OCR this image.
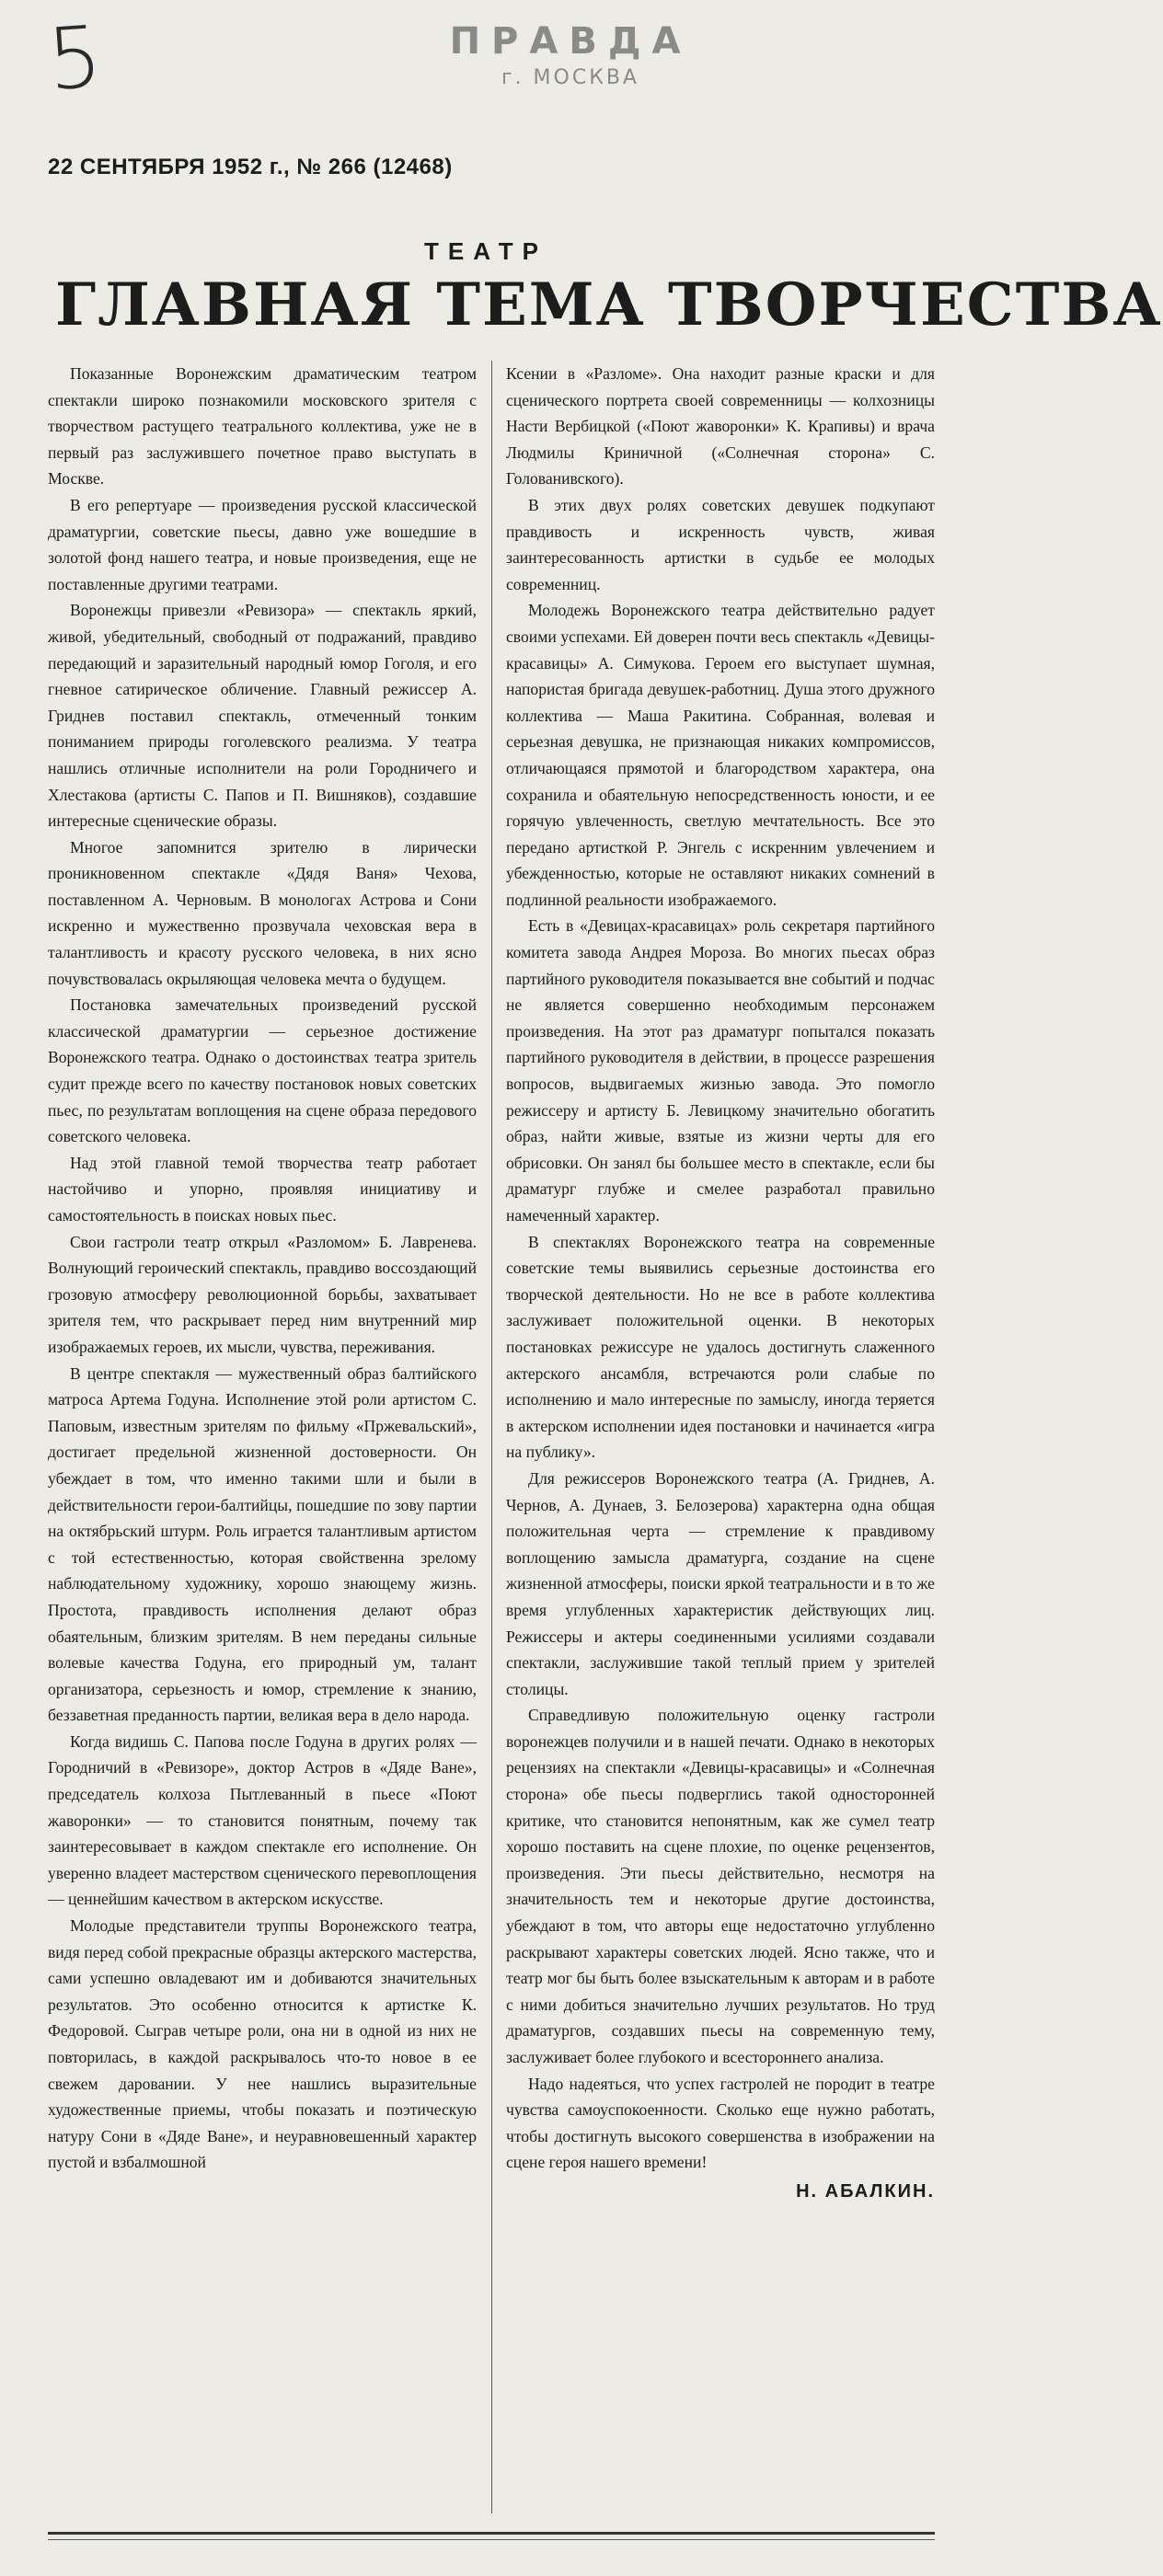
5	ПРАВДА
г. МОСКВА
22 СЕНТЯБРЯ 1952 г., № 266 (12468)
ТЕАТР
ГЛАВНАЯ ТЕМА ТВОРЧЕСТВА

Показанные Воронежским драматическим театром спектакли широко познакомили московского зрителя с творчеством растущего театрального коллектива, уже не в первый раз заслужившего почетное право выступать в Москве.

В его репертуаре — произведения русской классической драматургии, советские пьесы, давно уже вошедшие в золотой фонд нашего театра, и новые произведения, еще не поставленные другими театрами.

Воронежцы привезли «Ревизора» — спектакль яркий, живой, убедительный, свободный от подражаний, правдиво передающий и заразительный народный юмор Гоголя, и его гневное сатирическое обличение. Главный режиссер А. Гриднев поставил спектакль, отмеченный тонким пониманием природы гоголевского реализма. У театра нашлись отличные исполнители на роли Городничего и Хлестакова (артисты С. Папов и П. Вишняков), создавшие интересные сценические образы.

Многое запомнится зрителю в лирически проникновенном спектакле «Дядя Ваня» Чехова, поставленном А. Черновым. В монологах Астрова и Сони искренно и мужественно прозвучала чеховская вера в талантливость и красоту русского человека, в них ясно почувствовалась окрыляющая человека мечта о будущем.

Постановка замечательных произведений русской классической драматургии — серьезное достижение Воронежского театра. Однако о достоинствах театра зритель судит прежде всего по качеству постановок новых советских пьес, по результатам воплощения на сцене образа передового советского человека.

Над этой главной темой творчества театр работает настойчиво и упорно, проявляя инициативу и самостоятельность в поисках новых пьес.

Свои гастроли театр открыл «Разломом» Б. Лавренева. Волнующий героический спектакль, правдиво воссоздающий грозовую атмосферу революционной борьбы, захватывает зрителя тем, что раскрывает перед ним внутренний мир изображаемых героев, их мысли, чувства, переживания.

В центре спектакля — мужественный образ балтийского матроса Артема Годуна. Исполнение этой роли артистом С. Паповым, известным зрителям по фильму «Пржевальский», достигает предельной жизненной достоверности. Он убеждает в том, что именно такими шли и были в действительности герои-балтийцы, пошедшие по зову партии на октябрьский штурм. Роль играется талантливым артистом с той естественностью, которая свойственна зрелому наблюдательному художнику, хорошо знающему жизнь. Простота, правдивость исполнения делают образ обаятельным, близким зрителям. В нем переданы сильные волевые качества Годуна, его природный ум, талант организатора, серьезность и юмор, стремление к знанию, беззаветная преданность партии, великая вера в дело народа.

Когда видишь С. Папова после Годуна в других ролях — Городничий в «Ревизоре», доктор Астров в «Дяде Ване», председатель колхоза Пытлеванный в пьесе «Поют жаворонки» — то становится понятным, почему так заинтересовывает в каждом спектакле его исполнение. Он уверенно владеет мастерством сценического перевоплощения — ценнейшим качеством в актерском искусстве.

Молодые представители труппы Воронежского театра, видя перед собой прекрасные образцы актерского мастерства, сами успешно овладевают им и добиваются значительных результатов. Это особенно относится к артистке К. Федоровой. Сыграв четыре роли, она ни в одной из них не повторилась, в каждой раскрывалось что-то новое в ее свежем даровании. У нее нашлись выразительные художественные приемы, чтобы показать и поэтическую натуру Сони в «Дяде Ване», и неуравновешенный характер пустой и взбалмошной

Ксении в «Разломе». Она находит разные краски и для сценического портрета своей современницы — колхозницы Насти Вербицкой («Поют жаворонки» К. Крапивы) и врача Людмилы Криничной («Солнечная сторона» С. Голованивского).

В этих двух ролях советских девушек подкупают правдивость и искренность чувств, живая заинтересованность артистки в судьбе ее молодых современниц.

Молодежь Воронежского театра действительно радует своими успехами. Ей доверен почти весь спектакль «Девицы-красавицы» А. Симукова. Героем его выступает шумная, напористая бригада девушек-работниц. Душа этого дружного коллектива — Маша Ракитина. Собранная, волевая и серьезная девушка, не признающая никаких компромиссов, отличающаяся прямотой и благородством характера, она сохранила и обаятельную непосредственность юности, и ее горячую увлеченность, светлую мечтательность. Все это передано артисткой Р. Энгель с искренним увлечением и убежденностью, которые не оставляют никаких сомнений в подлинной реальности изображаемого.

Есть в «Девицах-красавицах» роль секретаря партийного комитета завода Андрея Мороза. Во многих пьесах образ партийного руководителя показывается вне событий и подчас не является совершенно необходимым персонажем произведения. На этот раз драматург попытался показать партийного руководителя в действии, в процессе разрешения вопросов, выдвигаемых жизнью завода. Это помогло режиссеру и артисту Б. Левицкому значительно обогатить образ, найти живые, взятые из жизни черты для его обрисовки. Он занял бы большее место в спектакле, если бы драматург глубже и смелее разработал правильно намеченный характер.

В спектаклях Воронежского театра на современные советские темы выявились серьезные достоинства его творческой деятельности. Но не все в работе коллектива заслуживает положительной оценки. В некоторых постановках режиссуре не удалось достигнуть слаженного актерского ансамбля, встречаются роли слабые по исполнению и мало интересные по замыслу, иногда теряется в актерском исполнении идея постановки и начинается «игра на публику».

Для режиссеров Воронежского театра (А. Гриднев, А. Чернов, А. Дунаев, З. Белозерова) характерна одна общая положительная черта — стремление к правдивому воплощению замысла драматурга, создание на сцене жизненной атмосферы, поиски яркой театральности и в то же время углубленных характеристик действующих лиц. Режиссеры и актеры соединенными усилиями создавали спектакли, заслужившие такой теплый прием у зрителей столицы.

Справедливую положительную оценку гастроли воронежцев получили и в нашей печати. Однако в некоторых рецензиях на спектакли «Девицы-красавицы» и «Солнечная сторона» обе пьесы подверглись такой односторонней критике, что становится непонятным, как же сумел театр хорошо поставить на сцене плохие, по оценке рецензентов, произведения. Эти пьесы действительно, несмотря на значительность тем и некоторые другие достоинства, убеждают в том, что авторы еще недостаточно углубленно раскрывают характеры советских людей. Ясно также, что и театр мог бы быть более взыскательным к авторам и в работе с ними добиться значительно лучших результатов. Но труд драматургов, создавших пьесы на современную тему, заслуживает более глубокого и всестороннего анализа.

Надо надеяться, что успех гастролей не породит в театре чувства самоуспокоенности. Сколько еще нужно работать, чтобы достигнуть высокого совершенства в изображении на сцене героя нашего времени!

Н. АБАЛКИН.
